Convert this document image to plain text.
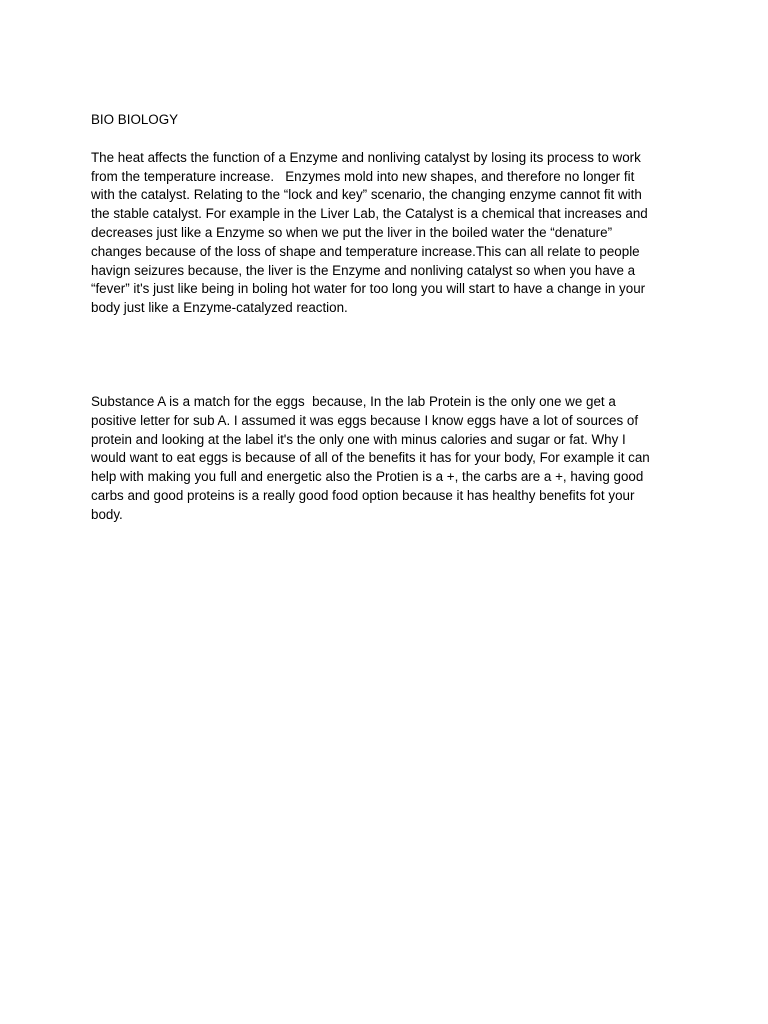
BIO BIOLOGY
The heat affects the function of a Enzyme and nonliving catalyst by losing its process to work
from the temperature increase.   Enzymes mold into new shapes, and therefore no longer fit
with the catalyst. Relating to the “lock and key” scenario, the changing enzyme cannot fit with
the stable catalyst. For example in the Liver Lab, the Catalyst is a chemical that increases and
decreases just like a Enzyme so when we put the liver in the boiled water the “denature”
changes because of the loss of shape and temperature increase.This can all relate to people
havign seizures because, the liver is the Enzyme and nonliving catalyst so when you have a
“fever” it's just like being in boling hot water for too long you will start to have a change in your
body just like a Enzyme-catalyzed reaction.
Substance A is a match for the eggs  because, In the lab Protein is the only one we get a
positive letter for sub A. I assumed it was eggs because I know eggs have a lot of sources of
protein and looking at the label it's the only one with minus calories and sugar or fat. Why I
would want to eat eggs is because of all of the benefits it has for your body, For example it can
help with making you full and energetic also the Protien is a +, the carbs are a +, having good
carbs and good proteins is a really good food option because it has healthy benefits fot your
body.
